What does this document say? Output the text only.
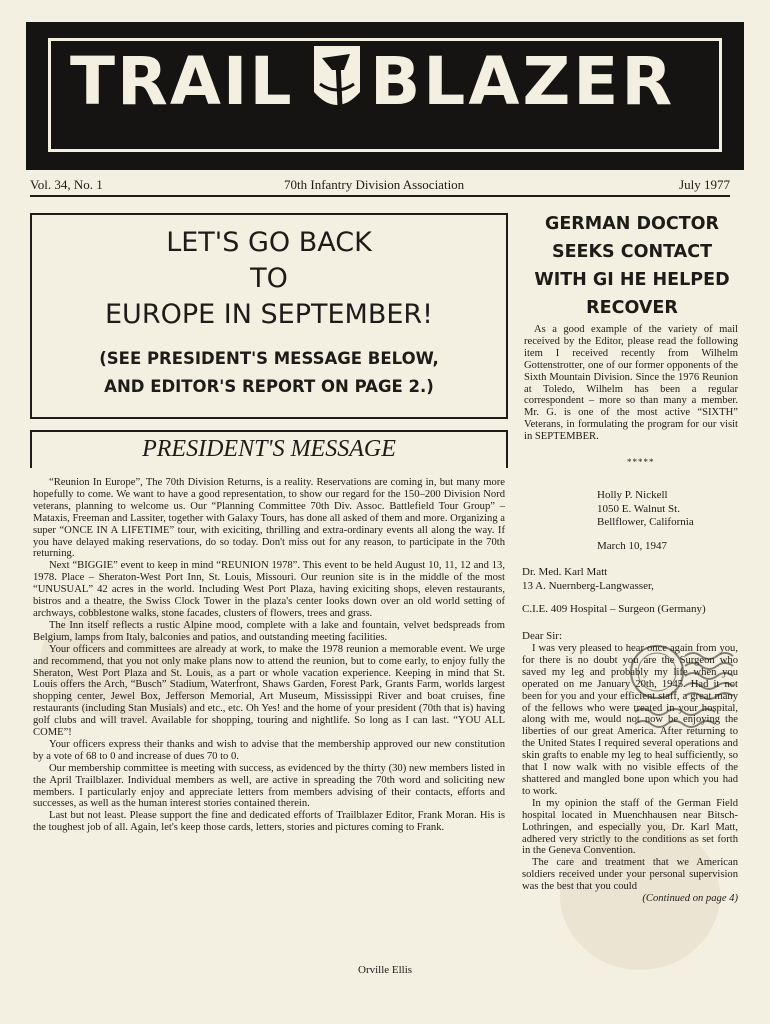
TRAIL BLAZER
Vol. 34, No. 1	70th Infantry Division Association	July 1977

LET'S GO BACK

TO

EUROPE IN SEPTEMBER!

(SEE PRESIDENT'S MESSAGE BELOW,

AND EDITOR'S REPORT ON PAGE 2.)

PRESIDENT'S MESSAGE

“Reunion In Europe”, The 70th Division Returns, is a reality. Reservations are coming in, but many more hopefully to come. We want to have a good representation, to show our regard for the 150–200 Division Nord veterans, planning to welcome us. Our “Planning Committee 70th Div. Assoc. Battlefield Tour Group” – Mataxis, Freeman and Lassiter, together with Galaxy Tours, has done all asked of them and more. Organizing a super “ONCE IN A LIFETIME” tour, with exiciting, thrilling and extra-ordinary events all along the way. If you have delayed making reservations, do so today. Don't miss out for any reason, to participate in the 70th returning.

Next “BIGGIE” event to keep in mind “REUNION 1978”. This event to be held August 10, 11, 12 and 13, 1978. Place – Sheraton-West Port Inn, St. Louis, Missouri. Our reunion site is in the middle of the most “UNUSUAL” 42 acres in the world. Including West Port Plaza, having exiciting shops, eleven restaurants, bistros and a theatre, the Swiss Clock Tower in the plaza's center looks down over an old world setting of archways, cobblestone walks, stone facades, clusters of flowers, trees and grass.

The Inn itself reflects a rustic Alpine mood, complete with a lake and fountain, velvet bedspreads from Belgium, lamps from Italy, balconies and patios, and outstanding meeting facilities.

Your officers and committees are already at work, to make the 1978 reunion a memorable event. We urge and recommend, that you not only make plans now to attend the reunion, but to come early, to enjoy fully the Sheraton, West Port Plaza and St. Louis, as a part or whole vacation experience. Keeping in mind that St. Louis offers the Arch, “Busch” Stadium, Waterfront, Shaws Garden, Forest Park, Grants Farm, worlds largest shopping center, Jewel Box, Jefferson Memorial, Art Museum, Mississippi River and boat cruises, fine restaurants (including Stan Musials) and etc., etc. Oh Yes! and the home of your president (70th that is) having golf clubs and will travel. Available for shopping, touring and nightlife. So long as I can last. “YOU ALL COME”!

Your officers express their thanks and wish to advise that the membership approved our new constitution by a vote of 68 to 0 and increase of dues 70 to 0.

Our membership committee is meeting with success, as evidenced by the thirty (30) new members listed in the April Trailblazer. Individual members as well, are active in spreading the 70th word and soliciting new members. I particularly enjoy and appreciate letters from members advising of their contacts, efforts and successes, as well as the human interest stories contained therein.

Last but not least. Please support the fine and dedicated efforts of Trailblazer Editor, Frank Moran. His is the toughest job of all. Again, let's keep those cards, letters, stories and pictures coming to Frank.

Orville Ellis
GERMAN DOCTOR
SEEKS CONTACT
WITH GI HE HELPED
RECOVER

As a good example of the variety of mail received by the Editor, please read the following item I received recently from Wilhelm Gottenstrotter, one of our former opponents of the Sixth Mountain Division. Since the 1976 Reunion at Toledo, Wilhelm has been a regular correspondent – more so than many a member. Mr. G. is one of the most active “SIXTH” Veterans, in formulating the program for our visit in SEPTEMBER.

*****
Holly P. Nickell
1050 E. Walnut St.
Bellflower, California
March 10, 1947
Dr. Med. Karl Matt
13 A. Nuernberg-Langwasser,
C.I.E. 409 Hospital – Surgeon (Germany)
Dear Sir:

I was very pleased to hear once again from you, for there is no doubt you are the Surgeon who saved my leg and probably my life when you operated on me January 20th, 1945. Had it not been for you and your efficient staff, a great many of the fellows who were treated in your hospital, along with me, would not now be enjoying the liberties of our great America. After returning to the United States I required several operations and skin grafts to enable my leg to heal sufficiently, so that I now walk with no visible effects of the shattered and mangled bone upon which you had to work.

In my opinion the staff of the German Field hospital located in Muenchhausen near Bitsch-Lothringen, and especially you, Dr. Karl Matt, adhered very strictly to the conditions as set forth in the Geneva Convention.

The care and treatment that we American soldiers received under your personal supervision was the best that you could

(Continued on page 4)
